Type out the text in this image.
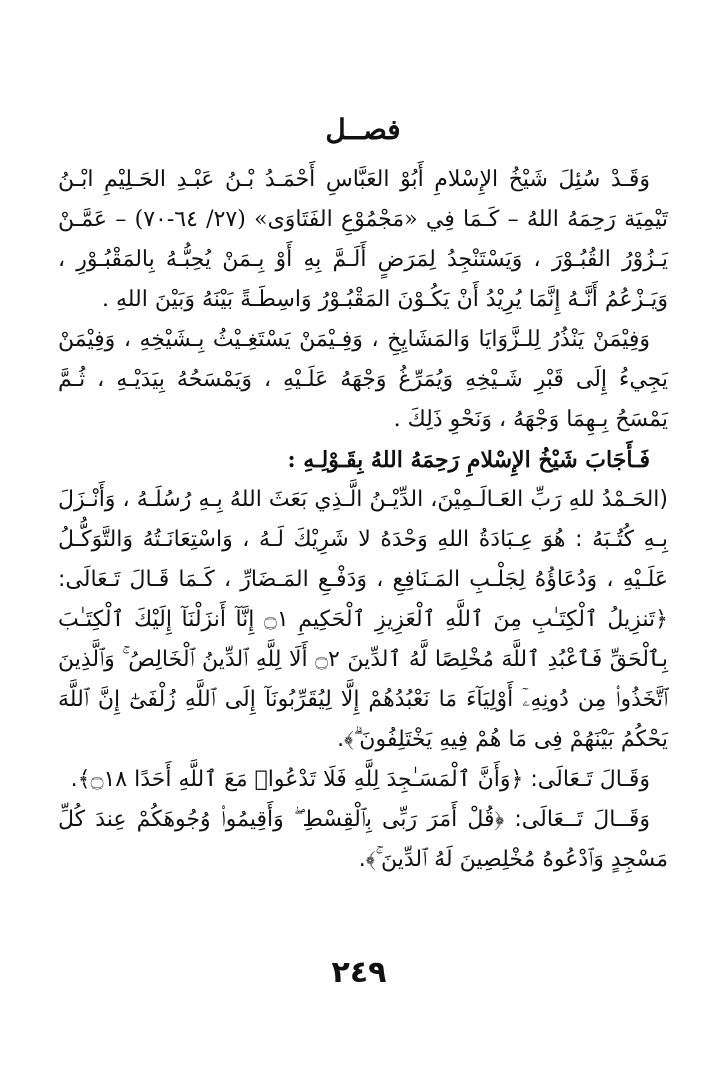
فصــل

وَقَـدْ سُئِلَ شَيْخُ الإِسْلامِ أَبُوْ العَبَّاسِ أَحْمَـدُ بْـنُ عَبْـدِ الحَـلِيْمِ ابْـنُ تَيْمِيَة رَحِمَهُ اللهُ – كَـمَا فِي «مَجْمُوْعِ الفَتَاوَى» (٢٧/ ٦٤-٧٠) – عَمَّـنْ يَـزُوْرُ القُبُـوْرَ ، وَيَسْتَنْجِدُ لِمَرَضٍ أَلَـمَّ بِهِ أَوْ بِـمَنْ يُحِبُّـهُ بِالمَقْبُـوْرِ ، وَيَـزْعُمُ أَنَّـهُ إِنَّمَا يُرِيْدُ أَنْ يَكُـوْنَ المَقْبُـوْرُ وَاسِطَـةً بَيْنَهُ وَبَيْنَ اللهِ .

وَفِيْمَنْ يَنْذُرُ لِلـزَّوَايَا وَالمَشَايِخِ ، وَفِـيْمَنْ يَسْتَغِـيْثُ بِـشَيْخِهِ ، وَفِيْمَنْ يَجِيءُ إِلَى قَبْرِ شَـيْخِهِ وَيُمَرِّغُ وَجْهَهُ عَلَـيْهِ ، وَيَمْسَحُهُ بِيَدَيْـهِ ، ثُـمَّ يَمْسَحُ بِـهِمَا وَجْهَهُ ، وَنَحْوِ ذَلِكَ .

فَـأَجَابَ شَيْخُ الإِسْلامِ رَحِمَهُ اللهُ بِقَـوْلِـهِ :

(الحَـمْدُ للهِ رَبِّ العَـالَـمِيْنَ، الدِّيْـنُ الَّـذِي بَعَثَ اللهُ بِـهِ رُسُلَـهُ ، وَأَنْـزَلَ بِـهِ كُتُـبَهُ : هُوَ عِـبَادَةُ اللهِ وَحْدَهُ لا شَرِيْكَ لَـهُ ، وَاسْتِعَانَـتُهُ وَالتَّوَكُّـلُ عَلَـيْهِ ، وَدُعَاؤُهُ لِجَلْـبِ المَـنَافِعِ ، وَدَفْـعِ المَـضَارِّ ، كَـمَا قَـالَ تَـعَالَى: ﴿تَنزِيلُ ٱلْكِتَـٰبِ مِنَ ٱللَّهِ ٱلْعَزِيزِ ٱلْحَكِيمِ ۝١ إِنَّآ أَنزَلْنَآ إِلَيْكَ ٱلْكِتَـٰبَ بِٱلْحَقِّ فَٱعْبُدِ ٱللَّهَ مُخْلِصًا لَّهُ ٱلدِّينَ ۝٢ أَلَا لِلَّهِ ٱلدِّينُ ٱلْخَالِصُ ۚ وَٱلَّذِينَ ٱتَّخَذُوا۟ مِن دُونِهِۦٓ أَوْلِيَآءَ مَا نَعْبُدُهُمْ إِلَّا لِيُقَرِّبُونَآ إِلَى ٱللَّهِ زُلْفَىٰٓ إِنَّ ٱللَّهَ يَحْكُمُ بَيْنَهُمْ فِى مَا هُمْ فِيهِ يَخْتَلِفُونَ ۗ﴾.

وَقَـالَ تَـعَالَى: ﴿وَأَنَّ ٱلْمَسَـٰجِدَ لِلَّهِ فَلَا تَدْعُوا۟ مَعَ ٱللَّهِ أَحَدًا ۝١٨﴾.

وَقَــالَ تَــعَالَى: ﴿قُلْ أَمَرَ رَبِّى بِٱلْقِسْطِ ۖ وَأَقِيمُوا۟ وُجُوهَكُمْ عِندَ كُلِّ مَسْجِدٍ وَٱدْعُوهُ مُخْلِصِينَ لَهُ ٱلدِّينَ ۚ﴾.

٢٤٩
